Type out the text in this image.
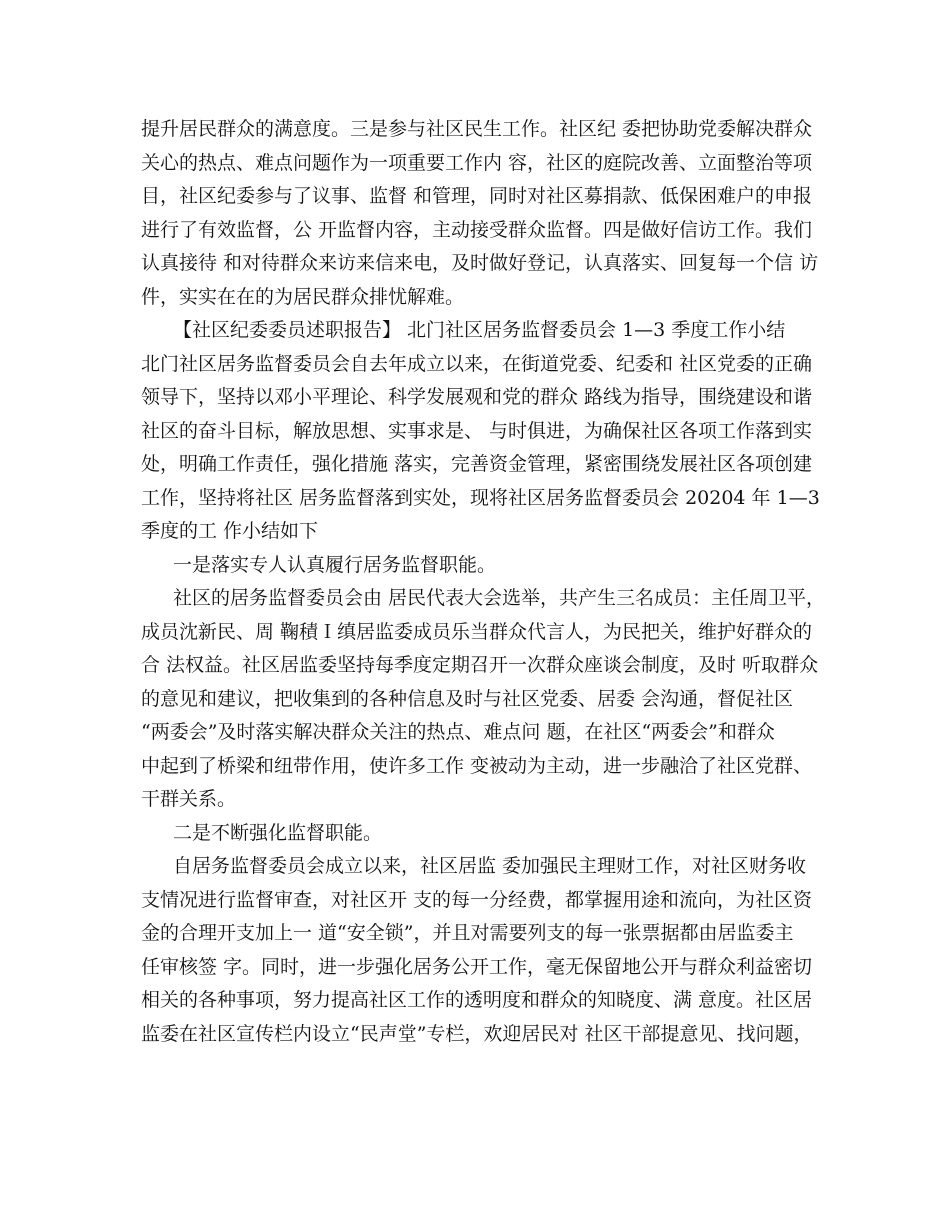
提升居民群众的满意度。三是参与社区民生工作。社区纪 委把协助党委解决群众
关心的热点、难点问题作为一项重要工作内 容，社区的庭院改善、立面整治等项
目，社区纪委参与了议事、监督 和管理，同时对社区募捐款、低保困难户的申报
进行了有效监督，公 开监督内容，主动接受群众监督。四是做好信访工作。我们
认真接待 和对待群众来访来信来电，及时做好登记，认真落实、回复每一个信 访
件，实实在在的为居民群众排忧解难。
【社区纪委委员述职报告】 北门社区居务监督委员会 1—3 季度工作小结
北门社区居务监督委员会自去年成立以来，在街道党委、纪委和 社区党委的正确
领导下，坚持以邓小平理论、科学发展观和党的群众 路线为指导，围绕建设和谐
社区的奋斗目标，解放思想、实事求是、 与时俱进，为确保社区各项工作落到实
处，明确工作责任，强化措施 落实，完善资金管理，紧密围绕发展社区各项创建
工作，坚持将社区 居务监督落到实处，现将社区居务监督委员会 20204 年 1—3
季度的工 作小结如下
一是落实专人认真履行居务监督职能。
社区的居务监督委员会由 居民代表大会选举，共产生三名成员：主任周卫平，
成员沈新民、周 鞠積Ｉ缜居监委成员乐当群众代言人，为民把关，维护好群众的
合 法权益。社区居监委坚持每季度定期召开一次群众座谈会制度，及时 听取群众
的意见和建议，把收集到的各种信息及时与社区党委、居委 会沟通，督促社区
“两委会”及时落实解决群众关注的热点、难点问 题，在社区“两委会”和群众
中起到了桥梁和纽带作用，使许多工作 变被动为主动，进一步融洽了社区党群、
干群关系。
二是不断强化监督职能。
自居务监督委员会成立以来，社区居监 委加强民主理财工作，对社区财务收
支情况进行监督审查，对社区开 支的每一分经费，都掌握用途和流向，为社区资
金的合理开支加上一 道“安全锁”，并且对需要列支的每一张票据都由居监委主
任审核签 字。同时，进一步强化居务公开工作，毫无保留地公开与群众利益密切
相关的各种事项，努力提高社区工作的透明度和群众的知晓度、满 意度。社区居
监委在社区宣传栏内设立“民声堂”专栏，欢迎居民对 社区干部提意见、找问题，
